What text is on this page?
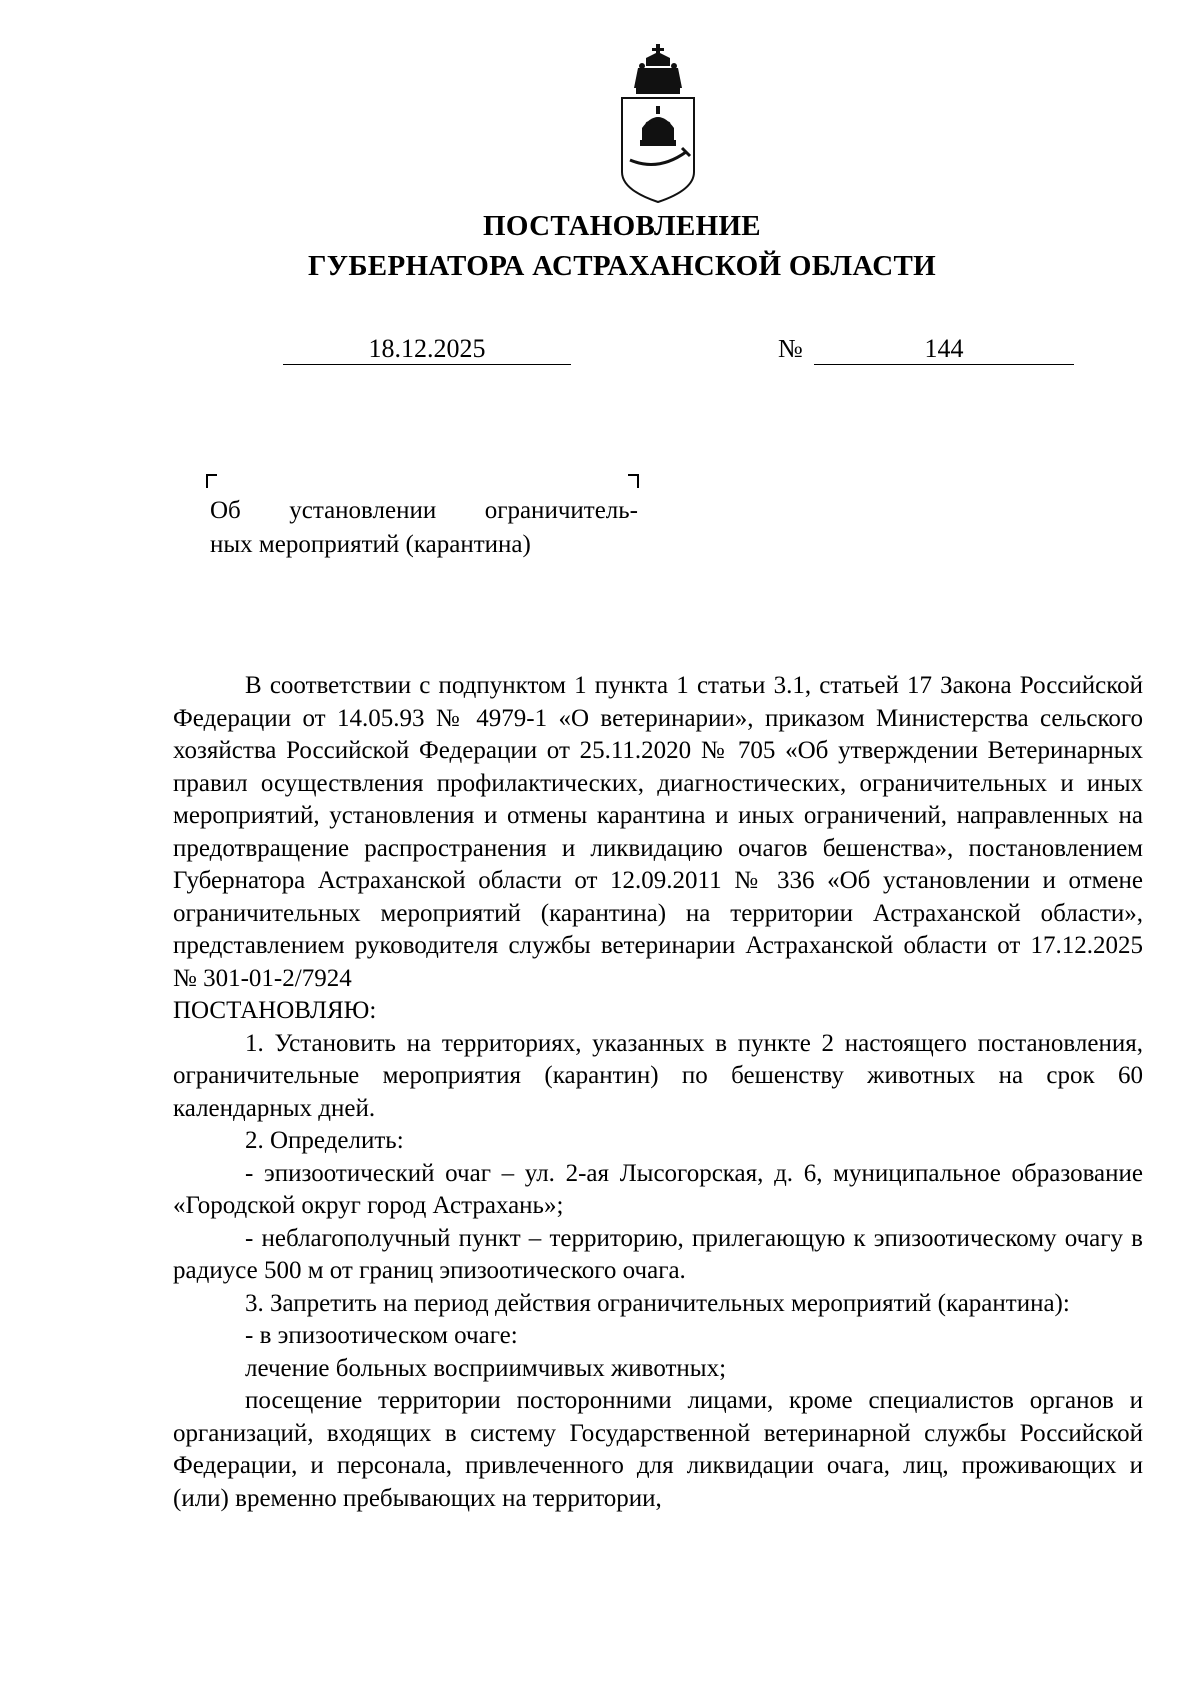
ПОСТАНОВЛЕНИЕ
ГУБЕРНАТОРА АСТРАХАНСКОЙ ОБЛАСТИ
18.12.2025	№	144
Об установлении ограничитель-
ных мероприятий (карантина)

В соответствии с подпунктом 1 пункта 1 статьи 3.1, статьей 17 Закона Российской Федерации от 14.05.93 № 4979-1 «О ветеринарии», приказом Министерства сельского хозяйства Российской Федерации от 25.11.2020 № 705 «Об утверждении Ветеринарных правил осуществления профилактических, диагностических, ограничительных и иных мероприятий, установления и отмены карантина и иных ограничений, направленных на предотвращение распространения и ликвидацию очагов бешенства», постановлением Губернатора Астраханской области от 12.09.2011 № 336 «Об установлении и отмене ограничительных мероприятий (карантина) на территории Астраханской области», представлением руководителя службы ветеринарии Астраханской области от 17.12.2025 № 301-01-2/7924

ПОСТАНОВЛЯЮ:

1. Установить на территориях, указанных в пункте 2 настоящего постановления, ограничительные мероприятия (карантин) по бешенству животных на срок 60 календарных дней.

2. Определить:

- эпизоотический очаг – ул. 2-ая Лысогорская, д. 6, муниципальное образование «Городской округ город Астрахань»;

- неблагополучный пункт – территорию, прилегающую к эпизоотическому очагу в радиусе 500 м от границ эпизоотического очага.

3. Запретить на период действия ограничительных мероприятий (карантина):

- в эпизоотическом очаге:

лечение больных восприимчивых животных;

посещение территории посторонними лицами, кроме специалистов органов и организаций, входящих в систему Государственной ветеринарной службы Российской Федерации, и персонала, привлеченного для ликвидации очага, лиц, проживающих и (или) временно пребывающих на территории,
